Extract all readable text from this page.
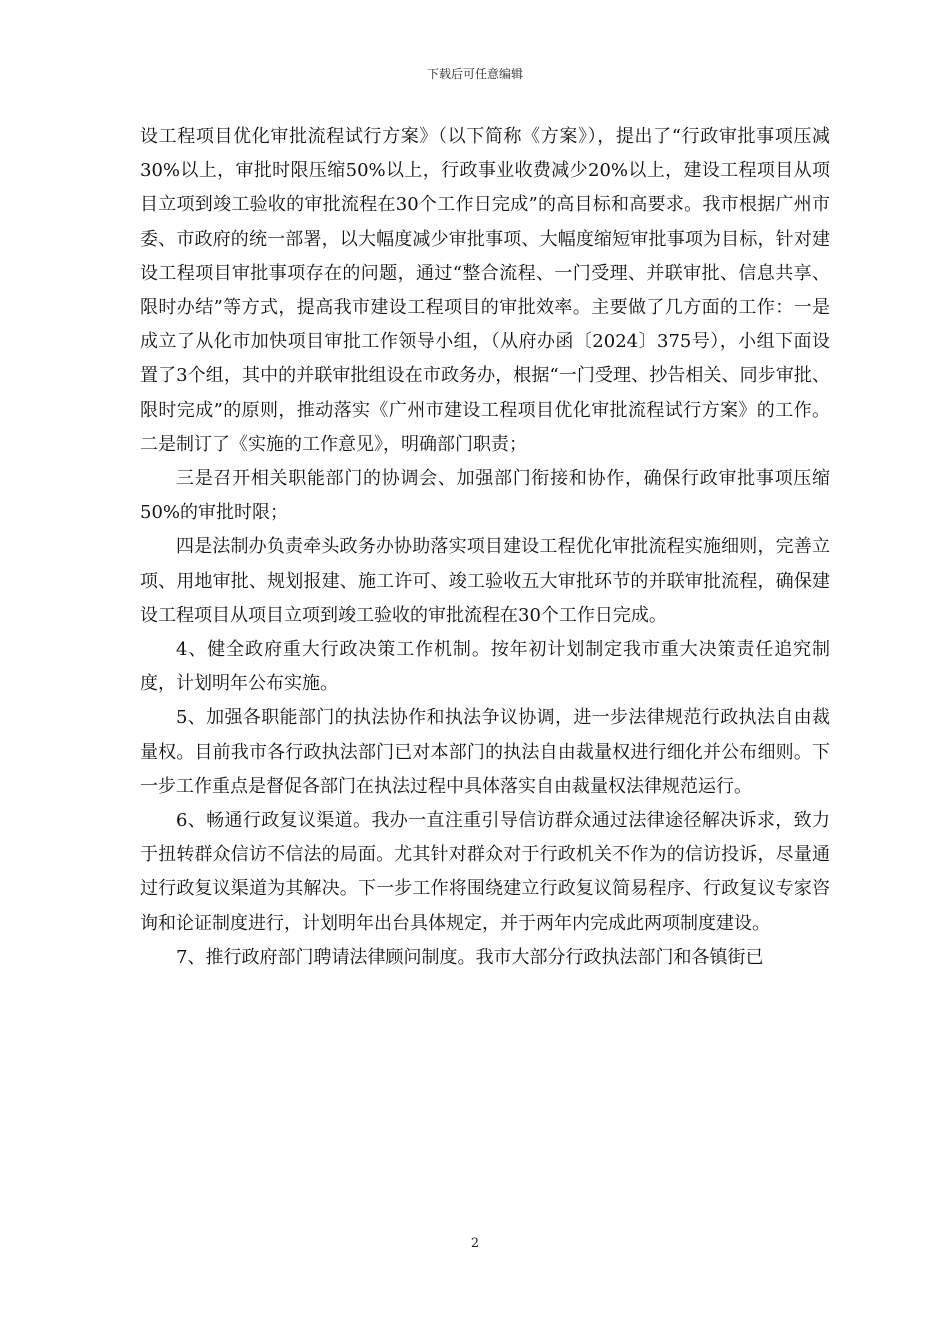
下载后可任意编辑

设工程项目优化审批流程试行方案》（以下简称《方案》），提出了“行政审批事项压减30%以上，审批时限压缩50%以上，行政事业收费减少20%以上，建设工程项目从项目立项到竣工验收的审批流程在30个工作日完成”的高目标和高要求。我市根据广州市委、市政府的统一部署，以大幅度减少审批事项、大幅度缩短审批事项为目标，针对建设工程项目审批事项存在的问题，通过“整合流程、一门受理、并联审批、信息共享、限时办结”等方式，提高我市建设工程项目的审批效率。主要做了几方面的工作：一是成立了从化市加快项目审批工作领导小组，（从府办函〔2024〕375号），小组下面设置了3个组，其中的并联审批组设在市政务办，根据“一门受理、抄告相关、同步审批、限时完成”的原则，推动落实《广州市建设工程项目优化审批流程试行方案》的工作。二是制订了《实施的工作意见》，明确部门职责；

三是召开相关职能部门的协调会、加强部门衔接和协作，确保行政审批事项压缩50%的审批时限；

四是法制办负责牵头政务办协助落实项目建设工程优化审批流程实施细则，完善立项、用地审批、规划报建、施工许可、竣工验收五大审批环节的并联审批流程，确保建设工程项目从项目立项到竣工验收的审批流程在30个工作日完成。

4、健全政府重大行政决策工作机制。按年初计划制定我市重大决策责任追究制度，计划明年公布实施。

5、加强各职能部门的执法协作和执法争议协调，进一步法律规范行政执法自由裁量权。目前我市各行政执法部门已对本部门的执法自由裁量权进行细化并公布细则。下一步工作重点是督促各部门在执法过程中具体落实自由裁量权法律规范运行。

6、畅通行政复议渠道。我办一直注重引导信访群众通过法律途径解决诉求，致力于扭转群众信访不信法的局面。尤其针对群众对于行政机关不作为的信访投诉，尽量通过行政复议渠道为其解决。下一步工作将围绕建立行政复议简易程序、行政复议专家咨询和论证制度进行，计划明年出台具体规定，并于两年内完成此两项制度建设。

7、推行政府部门聘请法律顾问制度。我市大部分行政执法部门和各镇街已

2
